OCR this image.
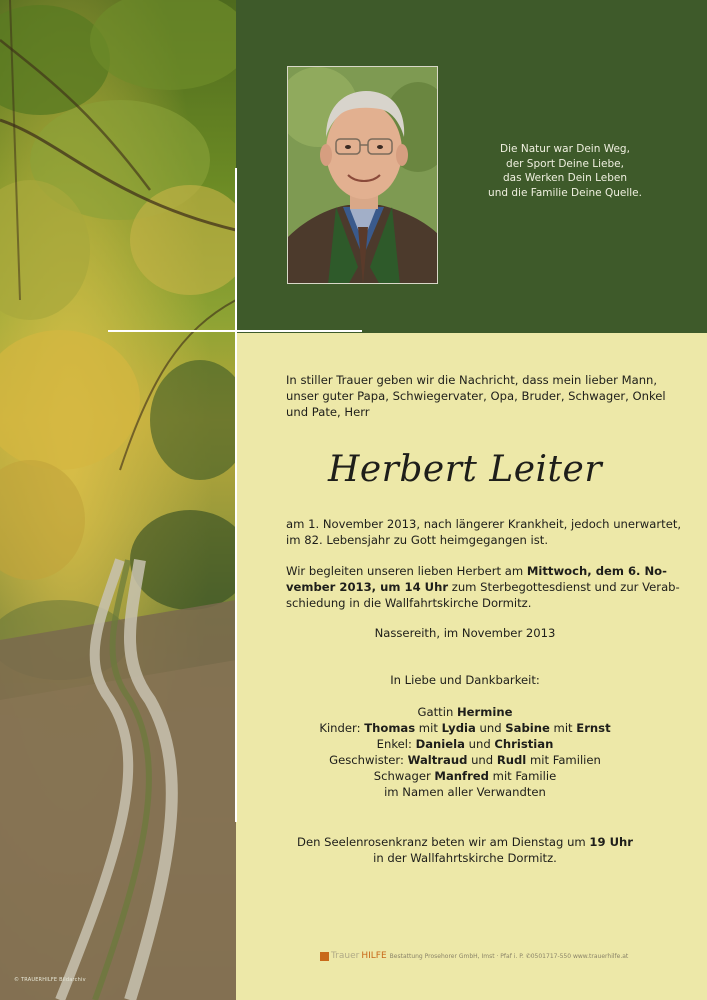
© TRAUERHILFE Bildarchiv
Die Natur war Dein Weg,
der Sport Deine Liebe,
das Werken Dein Leben
und die Familie Deine Quelle.
In stiller Trauer geben wir die Nachricht, dass mein lieber Mann,
unser guter Papa, Schwiegervater, Opa, Bruder, Schwager, Onkel
und Pate, Herr
Herbert Leiter
am 1. November 2013, nach längerer Krankheit, jedoch unerwartet,
im 82. Lebensjahr zu Gott heimgegangen ist.
Wir begleiten unseren lieben Herbert am Mittwoch, dem 6. No-
vember 2013, um 14 Uhr zum Sterbegottesdienst und zur Verab-
schiedung in die Wallfahrtskirche Dormitz.
Nassereith, im November 2013
In Liebe und Dankbarkeit:
Gattin Hermine
Kinder: Thomas mit Lydia und Sabine mit Ernst
Enkel: Daniela und Christian
Geschwister: Waltraud und Rudl mit Familien
Schwager Manfred mit Familie
im Namen aller Verwandten
Den Seelenrosenkranz beten wir am Dienstag um 19 Uhr
in der Wallfahrtskirche Dormitz.
Trauer HILFE Bestattung Prosehorer GmbH, Imst · Pfaf i. P. ✆0501717-550 www.trauerhilfe.at
